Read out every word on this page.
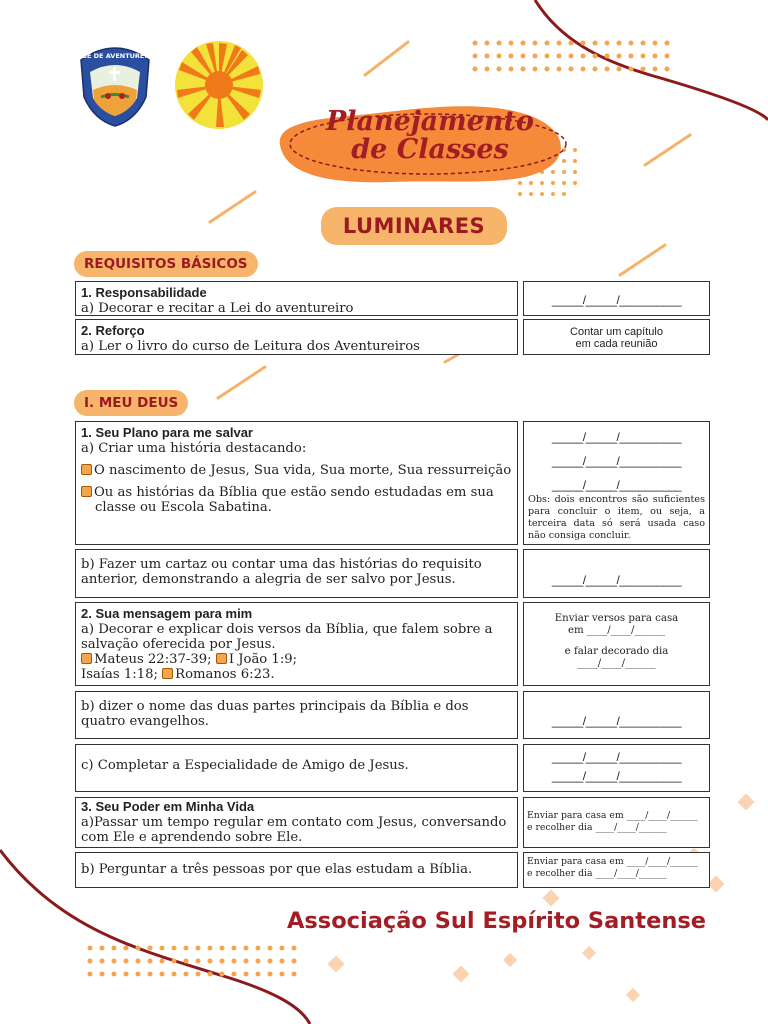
CLUBE DE AVENTUREIROS
Planejamento
de Classes
LUMINARES
REQUISITOS BÁSICOS
1. Responsabilidade
a) Decorar e recitar a Lei do aventureiro
_____/_____/__________
2. Reforço
a) Ler o livro do curso de Leitura dos Aventureiros
Contar um capítulo
em cada reunião
I. MEU DEUS
1. Seu Plano para me salvar
a) Criar uma história destacando:
O nascimento de Jesus, Sua vida, Sua morte, Sua ressurreição
Ou as histórias da Bíblia que estão sendo estudadas em sua classe ou Escola Sabatina.
_____/_____/__________
_____/_____/__________
_____/_____/__________
Obs: dois encontros são suficientes para concluir o item, ou seja, a terceira data só será usada caso não consiga concluir.
b) Fazer um cartaz ou contar uma das histórias do requisito anterior, demonstrando a alegria de ser salvo por Jesus.	_____/_____/__________
2. Sua mensagem para mim
a) Decorar e explicar dois versos da Bíblia, que falem sobre a salvação oferecida por Jesus.
Mateus 22:37-39; I João 1:9;
Isaías 1:18; Romanos 6:23.
Enviar versos para casa
em ____/____/______
e falar decorado dia
____/____/______
b) dizer o nome das duas partes principais da Bíblia e dos quatro evangelhos.	_____/_____/__________
c) Completar a Especialidade de Amigo de Jesus.
_____/_____/__________
_____/_____/__________
3. Seu Poder em Minha Vida
a)Passar um tempo regular em contato com Jesus, conversando com Ele e aprendendo sobre Ele.
Enviar para casa em ____/____/______
e recolher dia ____/____/______
b) Perguntar a três pessoas por que elas estudam a Bíblia.
Enviar para casa em ____/____/______
e recolher dia ____/____/______
Associação Sul Espírito Santense
